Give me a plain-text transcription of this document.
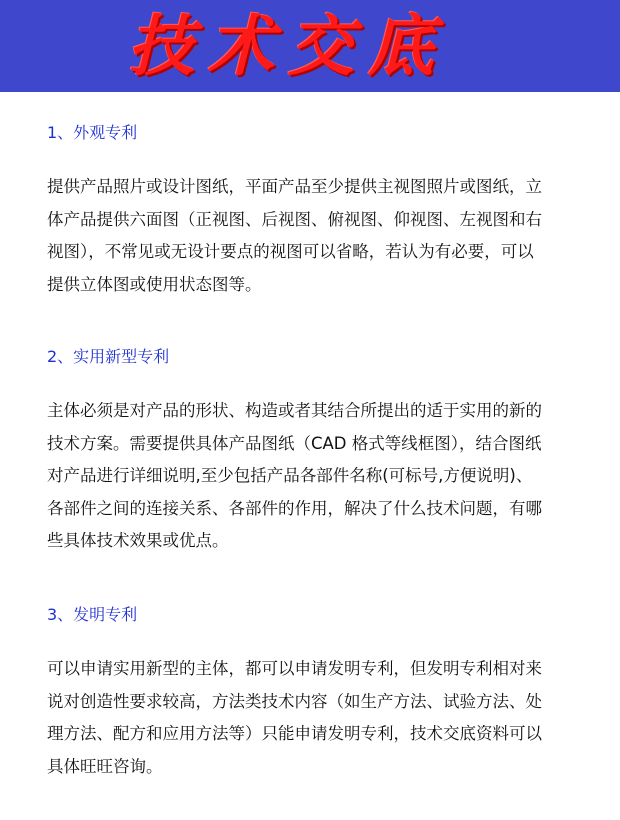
技术交底
1、外观专利
提供产品照片或设计图纸，平面产品至少提供主视图照片或图纸，立
体产品提供六面图（正视图、后视图、俯视图、仰视图、左视图和右
视图），不常见或无设计要点的视图可以省略，若认为有必要，可以
提供立体图或使用状态图等。
2、实用新型专利
主体必须是对产品的形状、构造或者其结合所提出的适于实用的新的
技术方案。需要提供具体产品图纸（CAD 格式等线框图），结合图纸
对产品进行详细说明,至少包括产品各部件名称(可标号,方便说明)、
各部件之间的连接关系、各部件的作用，解决了什么技术问题，有哪
些具体技术效果或优点。
3、发明专利
可以申请实用新型的主体，都可以申请发明专利，但发明专利相对来
说对创造性要求较高，方法类技术内容（如生产方法、试验方法、处
理方法、配方和应用方法等）只能申请发明专利，技术交底资料可以
具体旺旺咨询。
